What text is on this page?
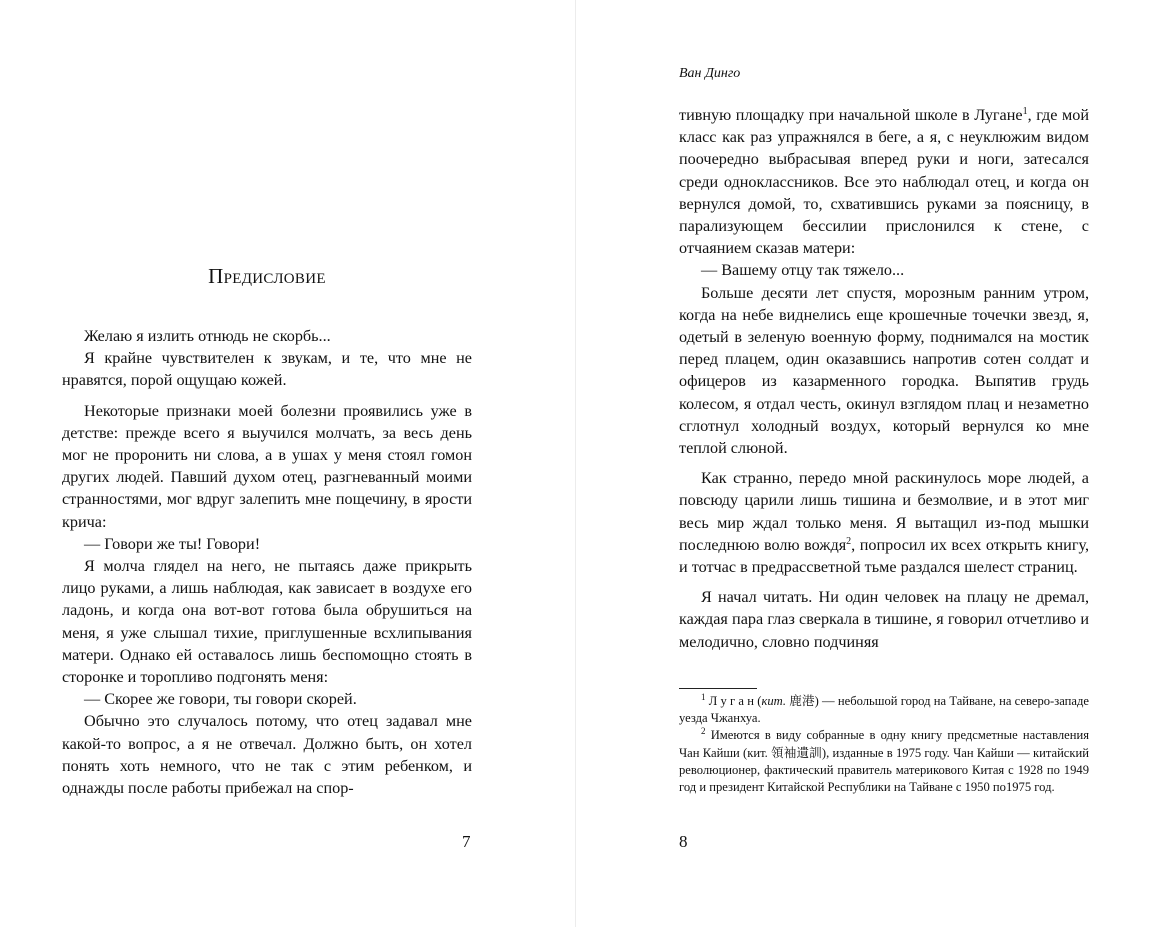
Предисловие

Желаю я излить отнюдь не скорбь...

Я крайне чувствителен к звукам, и те, что мне не нравятся, порой ощущаю кожей.

Некоторые признаки моей болезни проявились уже в детстве: прежде всего я выучился молчать, за весь день мог не проронить ни слова, а в ушах у меня стоял гомон других людей. Павший духом отец, разгневанный моими странностями, мог вдруг залепить мне пощечину, в ярости крича:

— Говори же ты! Говори!

Я молча глядел на него, не пытаясь даже прикрыть лицо руками, а лишь наблюдая, как зависает в воздухе его ладонь, и когда она вот-вот готова была обрушиться на меня, я уже слышал тихие, приглушенные всхлипывания матери. Однако ей оставалось лишь беспомощно стоять в сторонке и торопливо подгонять меня:

— Скорее же говори, ты говори скорей.

Обычно это случалось потому, что отец задавал мне какой-то вопрос, а я не отвечал. Должно быть, он хотел понять хоть немного, что не так с этим ребенком, и однажды после работы прибежал на спор-

7
Ван Динго

тивную площадку при начальной школе в Лугане$^1$, где мой класс как раз упражнялся в беге, а я, с неуклюжим видом поочередно выбрасывая вперед руки и ноги, затесался среди одноклассников. Все это наблюдал отец, и когда он вернулся домой, то, схватившись руками за поясницу, в парализующем бессилии прислонился к стене, с отчаянием сказав матери:

— Вашему отцу так тяжело...

Больше десяти лет спустя, морозным ранним утром, когда на небе виднелись еще крошечные точечки звезд, я, одетый в зеленую военную форму, поднимался на мостик перед плацем, один оказавшись напротив сотен солдат и офицеров из казарменного городка. Выпятив грудь колесом, я отдал честь, окинул взглядом плац и незаметно сглотнул холодный воздух, который вернулся ко мне теплой слюной.

Как странно, передо мной раскинулось море людей, а повсюду царили лишь тишина и безмолвие, и в этот миг весь мир ждал только меня. Я вытащил из-под мышки последнюю волю вождя$^2$, попросил их всех открыть книгу, и тотчас в предрассветной тьме раздался шелест страниц.

Я начал читать. Ни один человек на плацу не дремал, каждая пара глаз сверкала в тишине, я говорил отчетливо и мелодично, словно подчиняя

$^1$ Л у г а н (кит. 鹿港) — небольшой город на Тайване, на северо-западе уезда Чжанхуа.

$^2$ Имеются в виду собранные в одну книгу предсметные наставления Чан Кайши (кит. 領袖遺訓), изданные в 1975 году. Чан Кайши — китайский революционер, фактический правитель материкового Китая с 1928 по 1949 год и президент Китайской Республики на Тайване с 1950 по1975 год.

8
